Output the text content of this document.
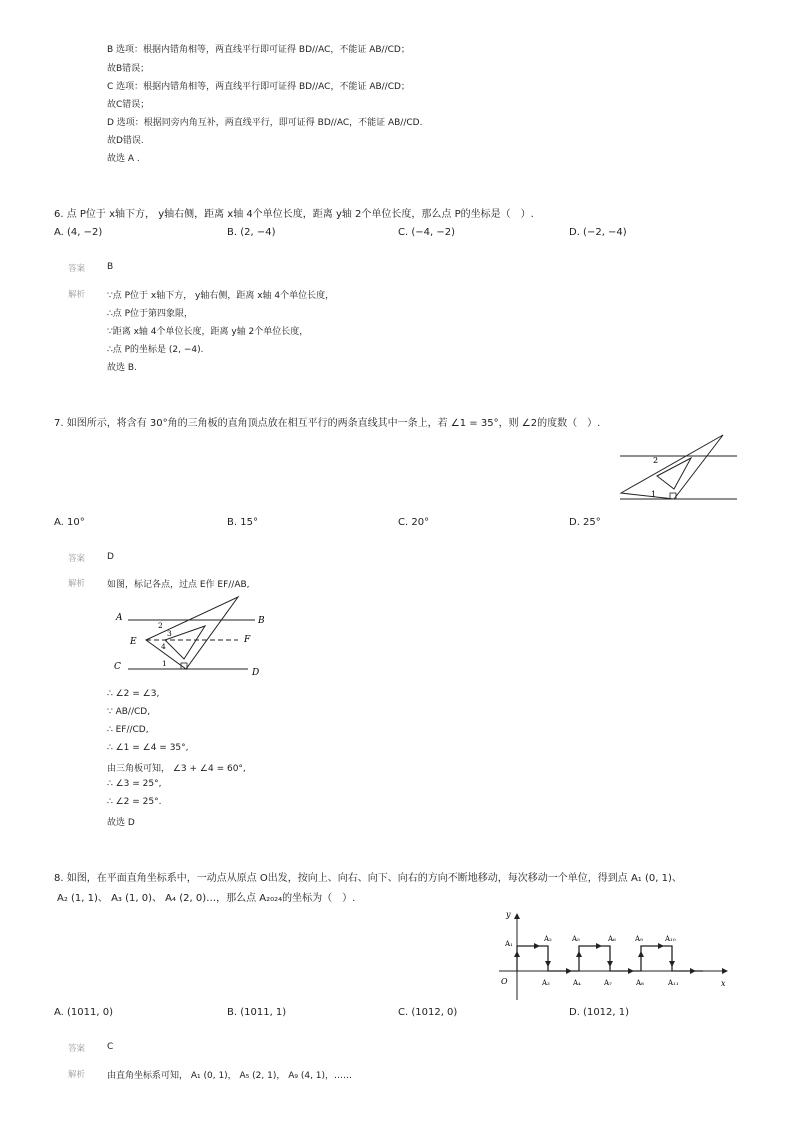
B 选项：根据内错角相等，两直线平行即可证得 BD//AC，不能证 AB//CD；
故B错误；
C 选项：根据内错角相等，两直线平行即可证得 BD//AC，不能证 AB//CD；
故C错误；
D 选项：根据同旁内角互补，两直线平行，即可证得 BD//AC，不能证 AB//CD.
故D错误.
故选 A .
6. 点 P位于 x轴下方， y轴右侧，距离 x轴 4个单位长度，距离 y轴 2个单位长度，那么点 P的坐标是（　）.
A. (4, −2)	B. (2, −4)	C. (−4, −2)	D. (−2, −4)
答案 B
解析 ∵点 P位于 x轴下方， y轴右侧，距离 x轴 4个单位长度，
∴点 P位于第四象限，
∵距离 x轴 4个单位长度，距离 y轴 2个单位长度，
∴点 P的坐标是 (2, −4).
故选 B.
7. 如图所示，将含有 30°角的三角板的直角顶点放在相互平行的两条直线其中一条上，若 ∠1 = 35°，则 ∠2的度数（　）.
2
1
A. 10°	B. 15°	C. 20°	D. 25°
答案 D
解析 如图，标记各点，过点 E作 EF//AB,
A	B
E	F
C
D
2
3
4
1
∴ ∠2 = ∠3,
∵ AB//CD,
∴ EF//CD,
∴ ∠1 = ∠4 = 35°,
由三角板可知， ∠3 + ∠4 = 60°,
∴ ∠3 = 25°,
∴ ∠2 = 25°.
故选 D
8. 如图，在平面直角坐标系中，一动点从原点 O出发，按向上、向右、向下、向右的方向不断地移动，每次移动一个单位，得到点 A₁ (0, 1)、
A₂ (1, 1)、 A₃ (1, 0)、 A₄ (2, 0)…，那么点 A₂₀₂₄的坐标为（　）.
y
x
O
A₁
A₂	A₅	A₆	A₉	A₁₀
A₃	A₄	A₇	A₈	A₁₁
A. (1011, 0)	B. (1011, 1)	C. (1012, 0)	D. (1012, 1)
答案 C
解析 由直角坐标系可知， A₁ (0, 1)， A₅ (2, 1)， A₉ (4, 1)，……
